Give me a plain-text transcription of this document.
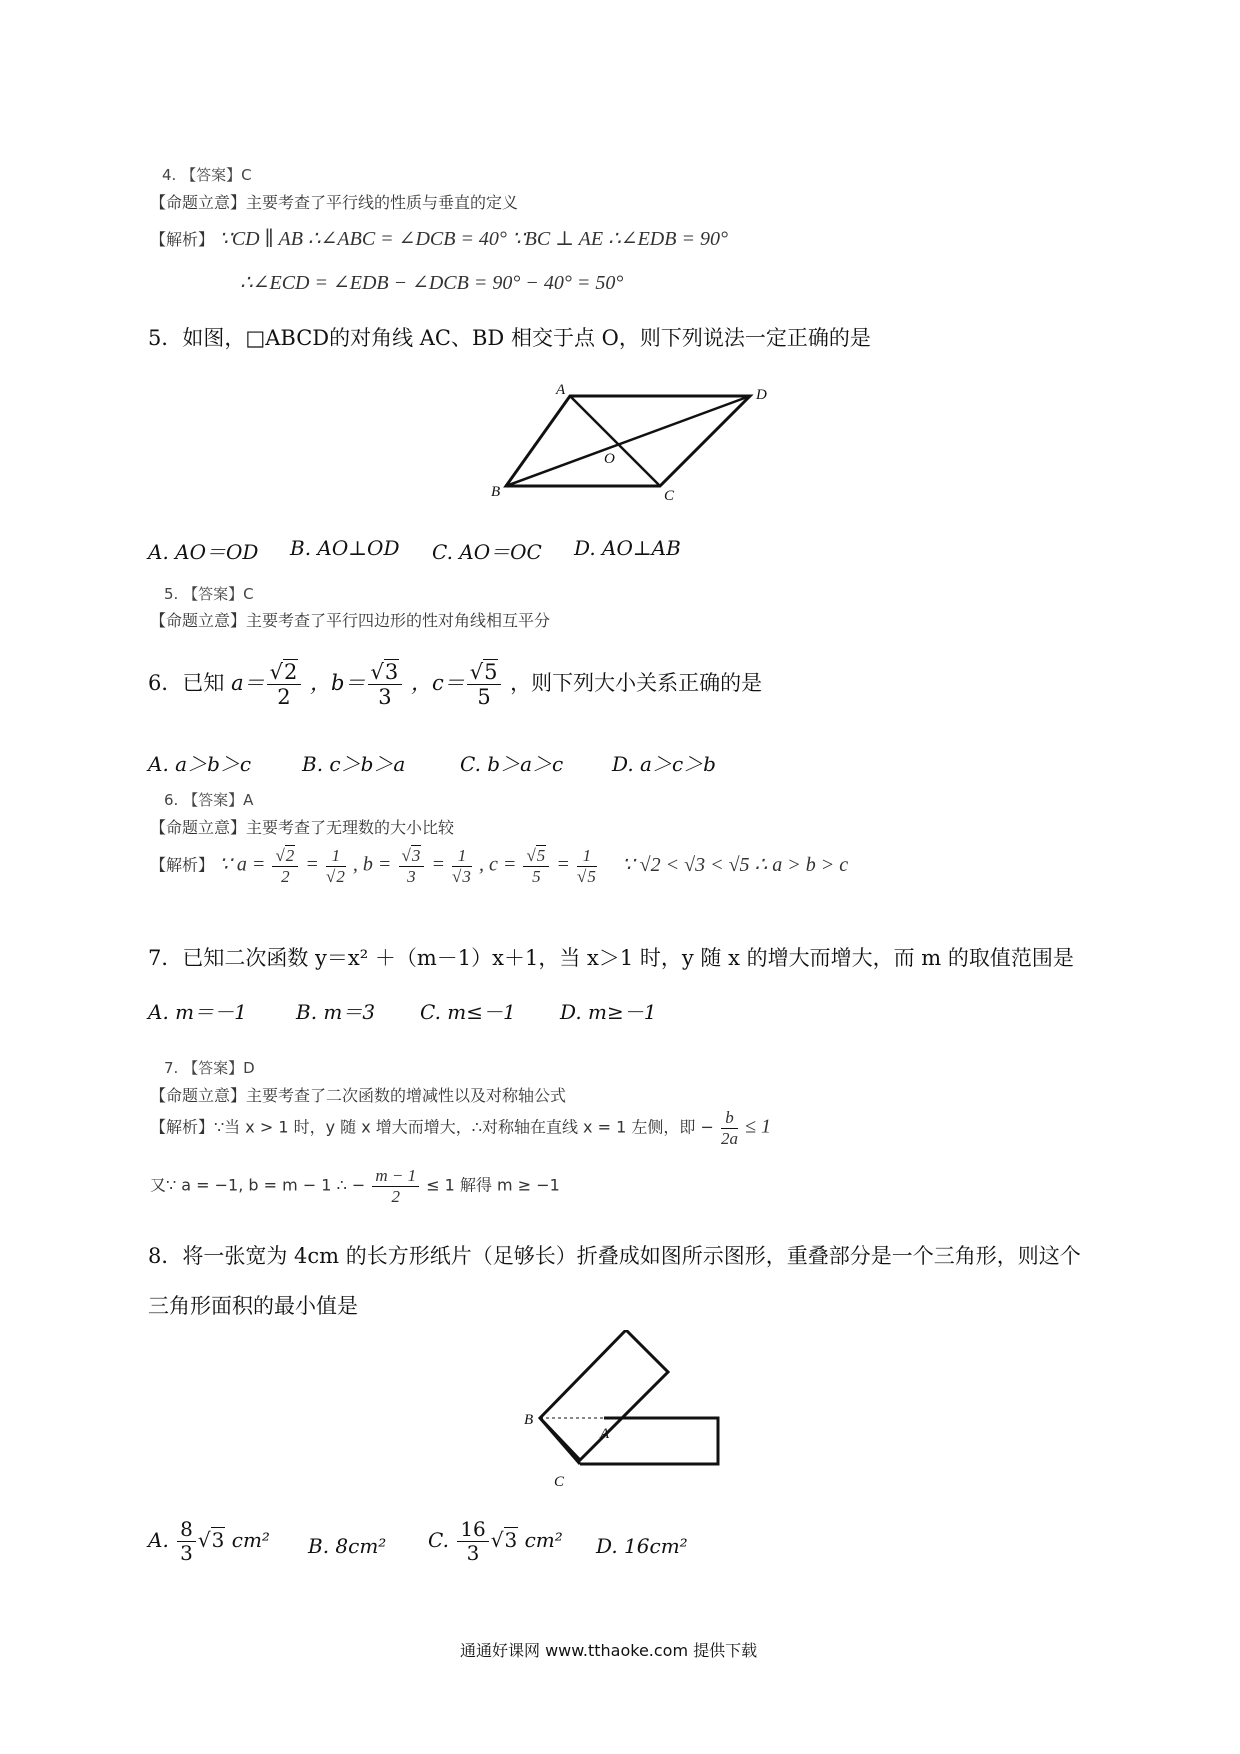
4. 【答案】C
【命题立意】主要考查了平行线的性质与垂直的定义
【解析】 ∵CD ∥ AB ∴∠ABC = ∠DCB = 40° ∵BC ⊥ AE ∴∠EDB = 90°
∴∠ECD = ∠EDB − ∠DCB = 90° − 40° = 50°
5．如图，□ABCD的对角线 AC、BD 相交于点 O，则下列说法一定正确的是
A	D
B	C
O
A. AO＝OD B. AO⊥OD C. AO＝OC D. AO⊥AB
5. 【答案】C
【命题立意】主要考查了平行四边形的性对角线相互平分
6．已知 $a= \frac{√2}{2}$ ，$b= \frac{√3}{3}$ ，$c= \frac{√5}{5}$ ，则下列大小关系正确的是
A. a＞b＞c	B. c＞b＞a	C. b＞a＞c D. a＞c＞b
6. 【答案】A
【命题立意】主要考查了无理数的大小比较
【解析】 ∵ $a = \frac{√2}{2} = \frac{1}{√2}$ , $b = \frac{√3}{3} = \frac{1}{√3}$ , $c = \frac{√5}{5} = \frac{1}{√5}$ ∵ √2 < √3 < √5 ∴ a > b > c
7．已知二次函数 y＝x² ＋（m－1）x＋1，当 x＞1 时，y 随 x 的增大而增大，而 m 的取值范围是
A. m＝－1 B. m＝3 C. m≤－1 D. m≥－1
7. 【答案】D
【命题立意】主要考查了二次函数的增减性以及对称轴公式
【解析】∵当 x > 1 时，y 随 x 增大而增大，∴对称轴在直线 x = 1 左侧，即 − $\frac{b}{2a} \le 1$
又∵ a = −1, b = m − 1 ∴ − $\frac{m - 1}{2} \le 1$ 解得 m ≥ −1
8．将一张宽为 4cm 的长方形纸片（足够长）折叠成如图所示图形，重叠部分是一个三角形，则这个
三角形面积的最小值是
B
A
C
A. $\frac{8}{3} √3$ cm² B. 8cm² C. $\frac{16}{3} √3$ cm² D. 16cm²
通通好课网 www.tthaoke.com 提供下载
